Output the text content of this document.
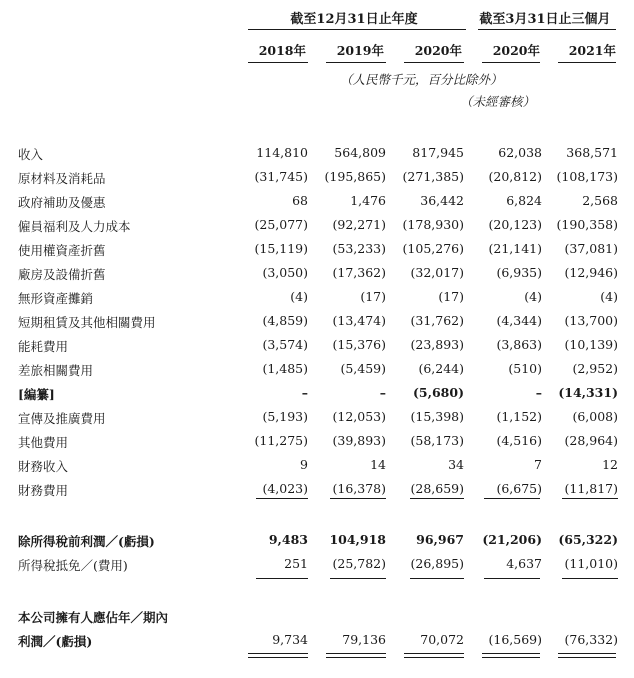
截至12月31日止年度	截至3月31日止三個月
2018年	2019年	2020年	2020年	2021年
（人民幣千元，百分比除外）
（未經審核）
收入	114,810	564,809	817,945	62,038	368,571
原材料及消耗品	(31,745)	(195,865)	(271,385)	(20,812)	(108,173)
政府補助及優惠	68	1,476	36,442	6,824	2,568
僱員福利及人力成本	(25,077)	(92,271)	(178,930)	(20,123)	(190,358)
使用權資產折舊	(15,119)	(53,233)	(105,276)	(21,141)	(37,081)
廠房及設備折舊	(3,050)	(17,362)	(32,017)	(6,935)	(12,946)
無形資產攤銷	(4)	(17)	(17)	(4)	(4)
短期租賃及其他相關費用	(4,859)	(13,474)	(31,762)	(4,344)	(13,700)
能耗費用	(3,574)	(15,376)	(23,893)	(3,863)	(10,139)
差旅相關費用	(1,485)	(5,459)	(6,244)	(510)	(2,952)
[編纂]	–	–	(5,680)	–	(14,331)
宣傳及推廣費用	(5,193)	(12,053)	(15,398)	(1,152)	(6,008)
其他費用	(11,275)	(39,893)	(58,173)	(4,516)	(28,964)
財務收入	9	14	34	7	12
財務費用	(4,023)	(16,378)	(28,659)	(6,675)	(11,817)
除所得稅前利潤／(虧損)	9,483	104,918	96,967	(21,206)	(65,322)
所得稅抵免／(費用)	251	(25,782)	(26,895)	4,637	(11,010)
本公司擁有人應佔年／期內
利潤／(虧損)	9,734	79,136	70,072	(16,569)	(76,332)
